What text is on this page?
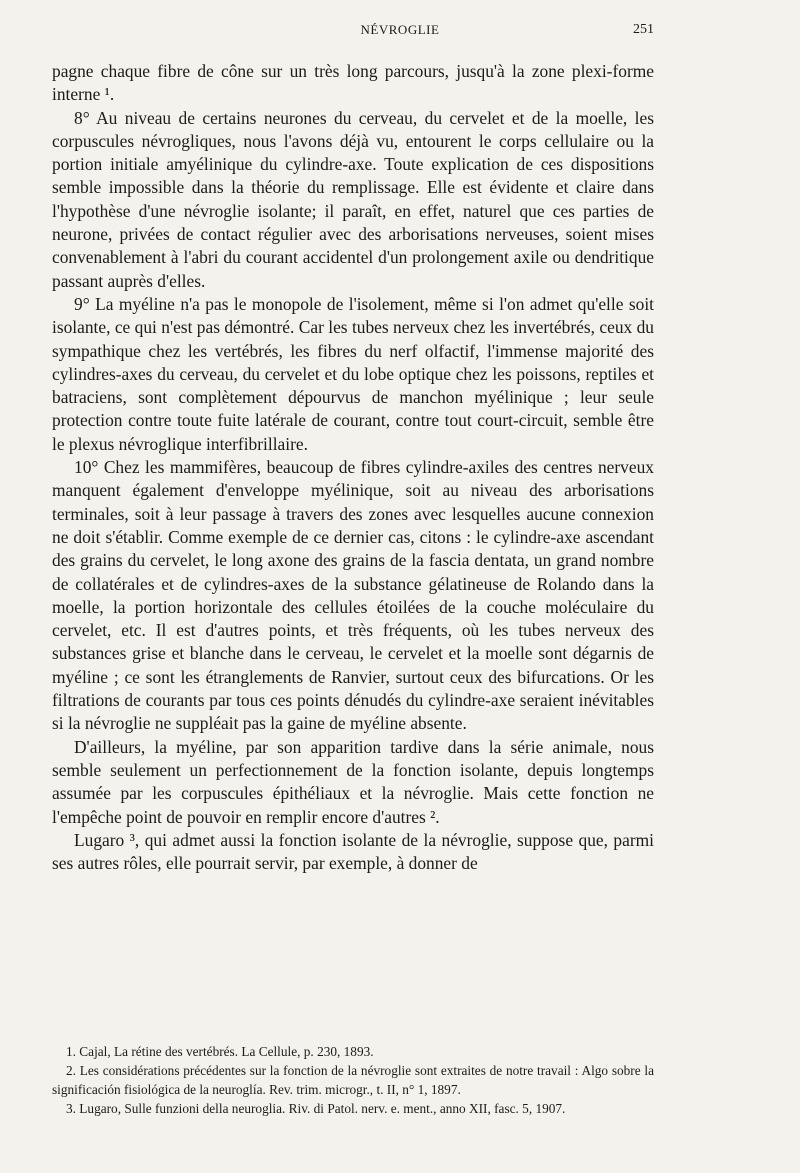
NÉVROGLIE	251

pagne chaque fibre de cône sur un très long parcours, jusqu'à la zone plexi-forme interne ¹.

8° Au niveau de certains neurones du cerveau, du cervelet et de la moelle, les corpuscules névrogliques, nous l'avons déjà vu, entourent le corps cellulaire ou la portion initiale amyélinique du cylindre-axe. Toute explication de ces dispositions semble impossible dans la théorie du remplissage. Elle est évidente et claire dans l'hypothèse d'une névroglie isolante; il paraît, en effet, naturel que ces parties de neurone, privées de contact régulier avec des arborisations nerveuses, soient mises convenablement à l'abri du courant accidentel d'un prolongement axile ou dendritique passant auprès d'elles.

9° La myéline n'a pas le monopole de l'isolement, même si l'on admet qu'elle soit isolante, ce qui n'est pas démontré. Car les tubes nerveux chez les invertébrés, ceux du sympathique chez les vertébrés, les fibres du nerf olfactif, l'immense majorité des cylindres-axes du cerveau, du cervelet et du lobe optique chez les poissons, reptiles et batraciens, sont complètement dépourvus de manchon myélinique ; leur seule protection contre toute fuite latérale de courant, contre tout court-circuit, semble être le plexus névroglique interfibrillaire.

10° Chez les mammifères, beaucoup de fibres cylindre-axiles des centres nerveux manquent également d'enveloppe myélinique, soit au niveau des arborisations terminales, soit à leur passage à travers des zones avec lesquelles aucune connexion ne doit s'établir. Comme exemple de ce dernier cas, citons : le cylindre-axe ascendant des grains du cervelet, le long axone des grains de la fascia dentata, un grand nombre de collatérales et de cylindres-axes de la substance gélatineuse de Rolando dans la moelle, la portion horizontale des cellules étoilées de la couche moléculaire du cervelet, etc. Il est d'autres points, et très fréquents, où les tubes nerveux des substances grise et blanche dans le cerveau, le cervelet et la moelle sont dégarnis de myéline ; ce sont les étranglements de Ranvier, surtout ceux des bifurcations. Or les filtrations de courants par tous ces points dénudés du cylindre-axe seraient inévitables si la névroglie ne suppléait pas la gaine de myéline absente.

D'ailleurs, la myéline, par son apparition tardive dans la série animale, nous semble seulement un perfectionnement de la fonction isolante, depuis longtemps assumée par les corpuscules épithéliaux et la névroglie. Mais cette fonction ne l'empêche point de pouvoir en remplir encore d'autres ².

Lugaro ³, qui admet aussi la fonction isolante de la névroglie, suppose que, parmi ses autres rôles, elle pourrait servir, par exemple, à donner de

1. Cajal, La rétine des vertébrés. La Cellule, p. 230, 1893.

2. Les considérations précédentes sur la fonction de la névroglie sont extraites de notre travail : Algo sobre la significación fisiológica de la neuroglía. Rev. trim. microgr., t. II, n° 1, 1897.

3. Lugaro, Sulle funzioni della neuroglia. Riv. di Patol. nerv. e. ment., anno XII, fasc. 5, 1907.
